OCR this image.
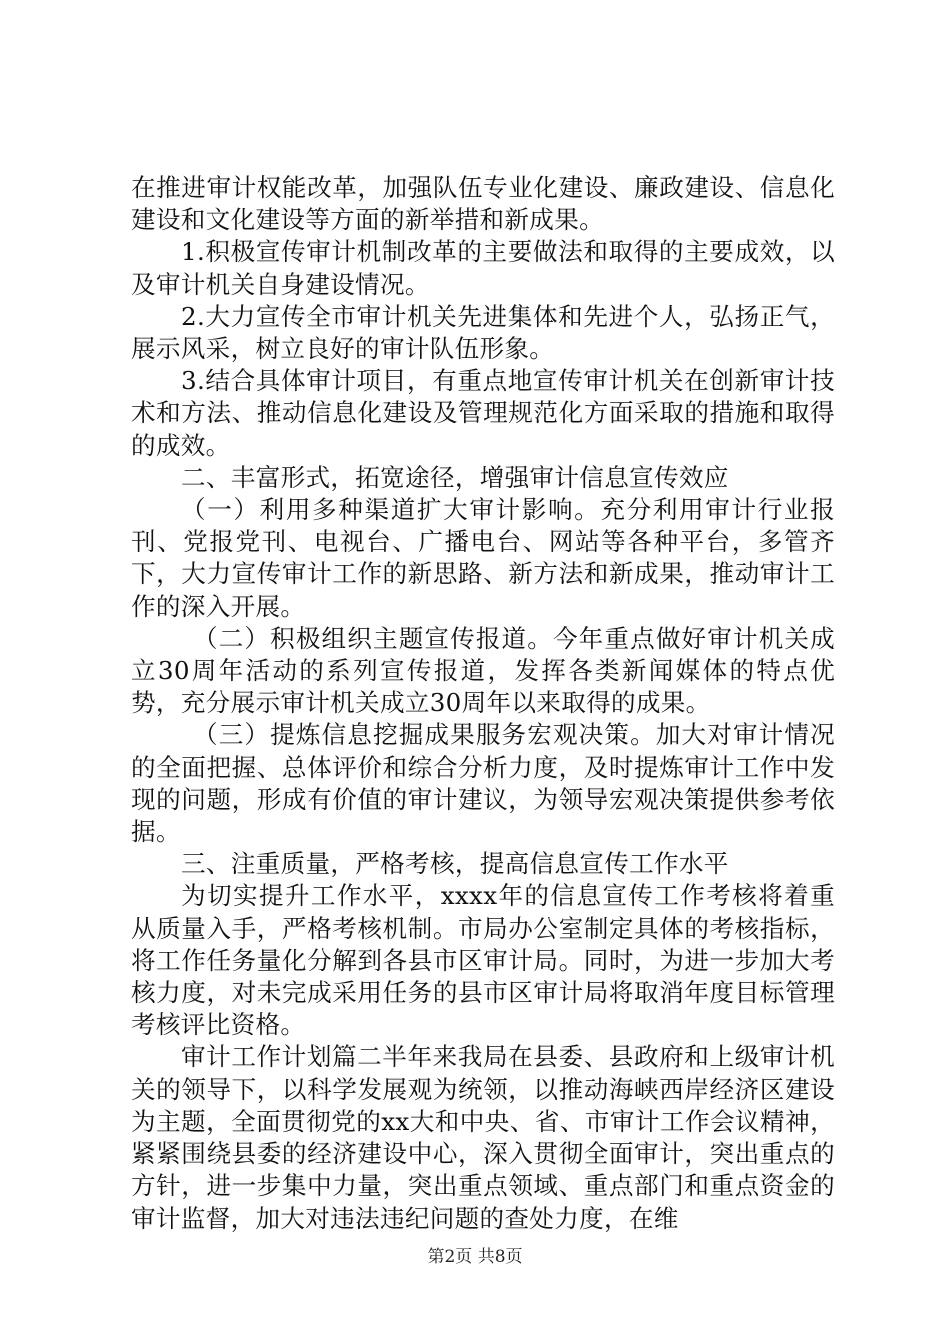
在推进审计权能改革，加强队伍专业化建设、廉政建设、信息化建设和文化建设等方面的新举措和新成果。

1.积极宣传审计机制改革的主要做法和取得的主要成效，以及审计机关自身建设情况。

2.大力宣传全市审计机关先进集体和先进个人，弘扬正气，展示风采，树立良好的审计队伍形象。

3.结合具体审计项目，有重点地宣传审计机关在创新审计技术和方法、推动信息化建设及管理规范化方面采取的措施和取得的成效。

二、丰富形式，拓宽途径，增强审计信息宣传效应

（一）利用多种渠道扩大审计影响。充分利用审计行业报刊、党报党刊、电视台、广播电台、网站等各种平台，多管齐下，大力宣传审计工作的新思路、新方法和新成果，推动审计工作的深入开展。

（二）积极组织主题宣传报道。今年重点做好审计机关成立30周年活动的系列宣传报道，发挥各类新闻媒体的特点优势，充分展示审计机关成立30周年以来取得的成果。

（三）提炼信息挖掘成果服务宏观决策。加大对审计情况的全面把握、总体评价和综合分析力度，及时提炼审计工作中发现的问题，形成有价值的审计建议，为领导宏观决策提供参考依据。

三、注重质量，严格考核，提高信息宣传工作水平

为切实提升工作水平，xxxx年的信息宣传工作考核将着重从质量入手，严格考核机制。市局办公室制定具体的考核指标，将工作任务量化分解到各县市区审计局。同时，为进一步加大考核力度，对未完成采用任务的县市区审计局将取消年度目标管理考核评比资格。

审计工作计划篇二半年来我局在县委、县政府和上级审计机关的领导下，以科学发展观为统领，以推动海峡西岸经济区建设为主题，全面贯彻党的xx大和中央、省、市审计工作会议精神，紧紧围绕县委的经济建设中心，深入贯彻全面审计，突出重点的方针，进一步集中力量，突出重点领域、重点部门和重点资金的审计监督，加大对违法违纪问题的查处力度，在维

第2页 共8页
